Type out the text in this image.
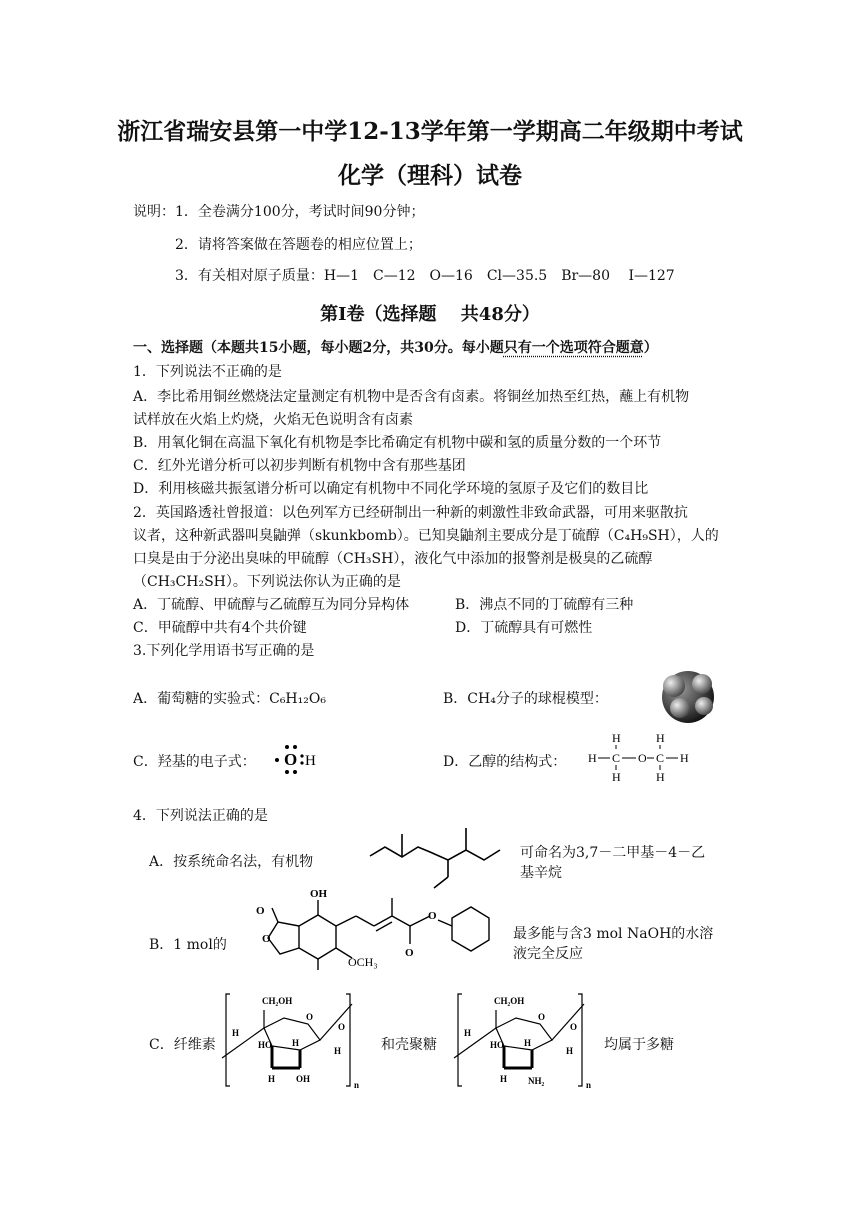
浙江省瑞安县第一中学12-13学年第一学期高二年级期中考试
化学（理科）试卷
说明：1．全卷满分100分，考试时间90分钟；
2．请将答案做在答题卷的相应位置上；
3．有关相对原子质量：H—1　C—12　O—16　Cl—35.5　Br—80　 I—127
第Ⅰ卷（选择题　 共48分）
一、选择题（本题共15小题，每小题2分，共30分。每小题只有一个选项符合题意）
1．下列说法不正确的是
A．李比希用铜丝燃烧法定量测定有机物中是否含有卤素。将铜丝加热至红热，蘸上有机物
试样放在火焰上灼烧，火焰无色说明含有卤素
B．用氧化铜在高温下氧化有机物是李比希确定有机物中碳和氢的质量分数的一个环节
C．红外光谱分析可以初步判断有机物中含有那些基团
D．利用核磁共振氢谱分析可以确定有机物中不同化学环境的氢原子及它们的数目比
2．英国路透社曾报道：以色列军方已经研制出一种新的刺激性非致命武器，可用来驱散抗
议者，这种新武器叫臭鼬弹（skunkbomb）。已知臭鼬剂主要成分是丁硫醇（C₄H₉SH），人的
口臭是由于分泌出臭味的甲硫醇（CH₃SH），液化气中添加的报警剂是极臭的乙硫醇
（CH₃CH₂SH）。下列说法你认为正确的是
A．丁硫醇、甲硫醇与乙硫醇互为同分异构体	B．沸点不同的丁硫醇有三种
C．甲硫醇中共有4个共价键	D．丁硫醇具有可燃性
3.下列化学用语书写正确的是
A．葡萄糖的实验式：C₆H₁₂O₆	B．CH₄分子的球棍模型：
C．羟基的电子式： O H	D．乙醇的结构式：
H
H
H C O
H
H
C H
4．下列说法正确的是
A．按系统命名法，有机物
可命名为3,7－二甲基－4－乙
基辛烷
B．1 mol的
OH
O
O
OCH₃
O
O
最多能与含3 mol NaOH的水溶
液完全反应
C．纤维素
CH₂OH
O
O
H
HO H
H
H OH
n
和壳聚糖
CH₂OH
O
O
H
HO H
H
H NH₂	n
均属于多糖
